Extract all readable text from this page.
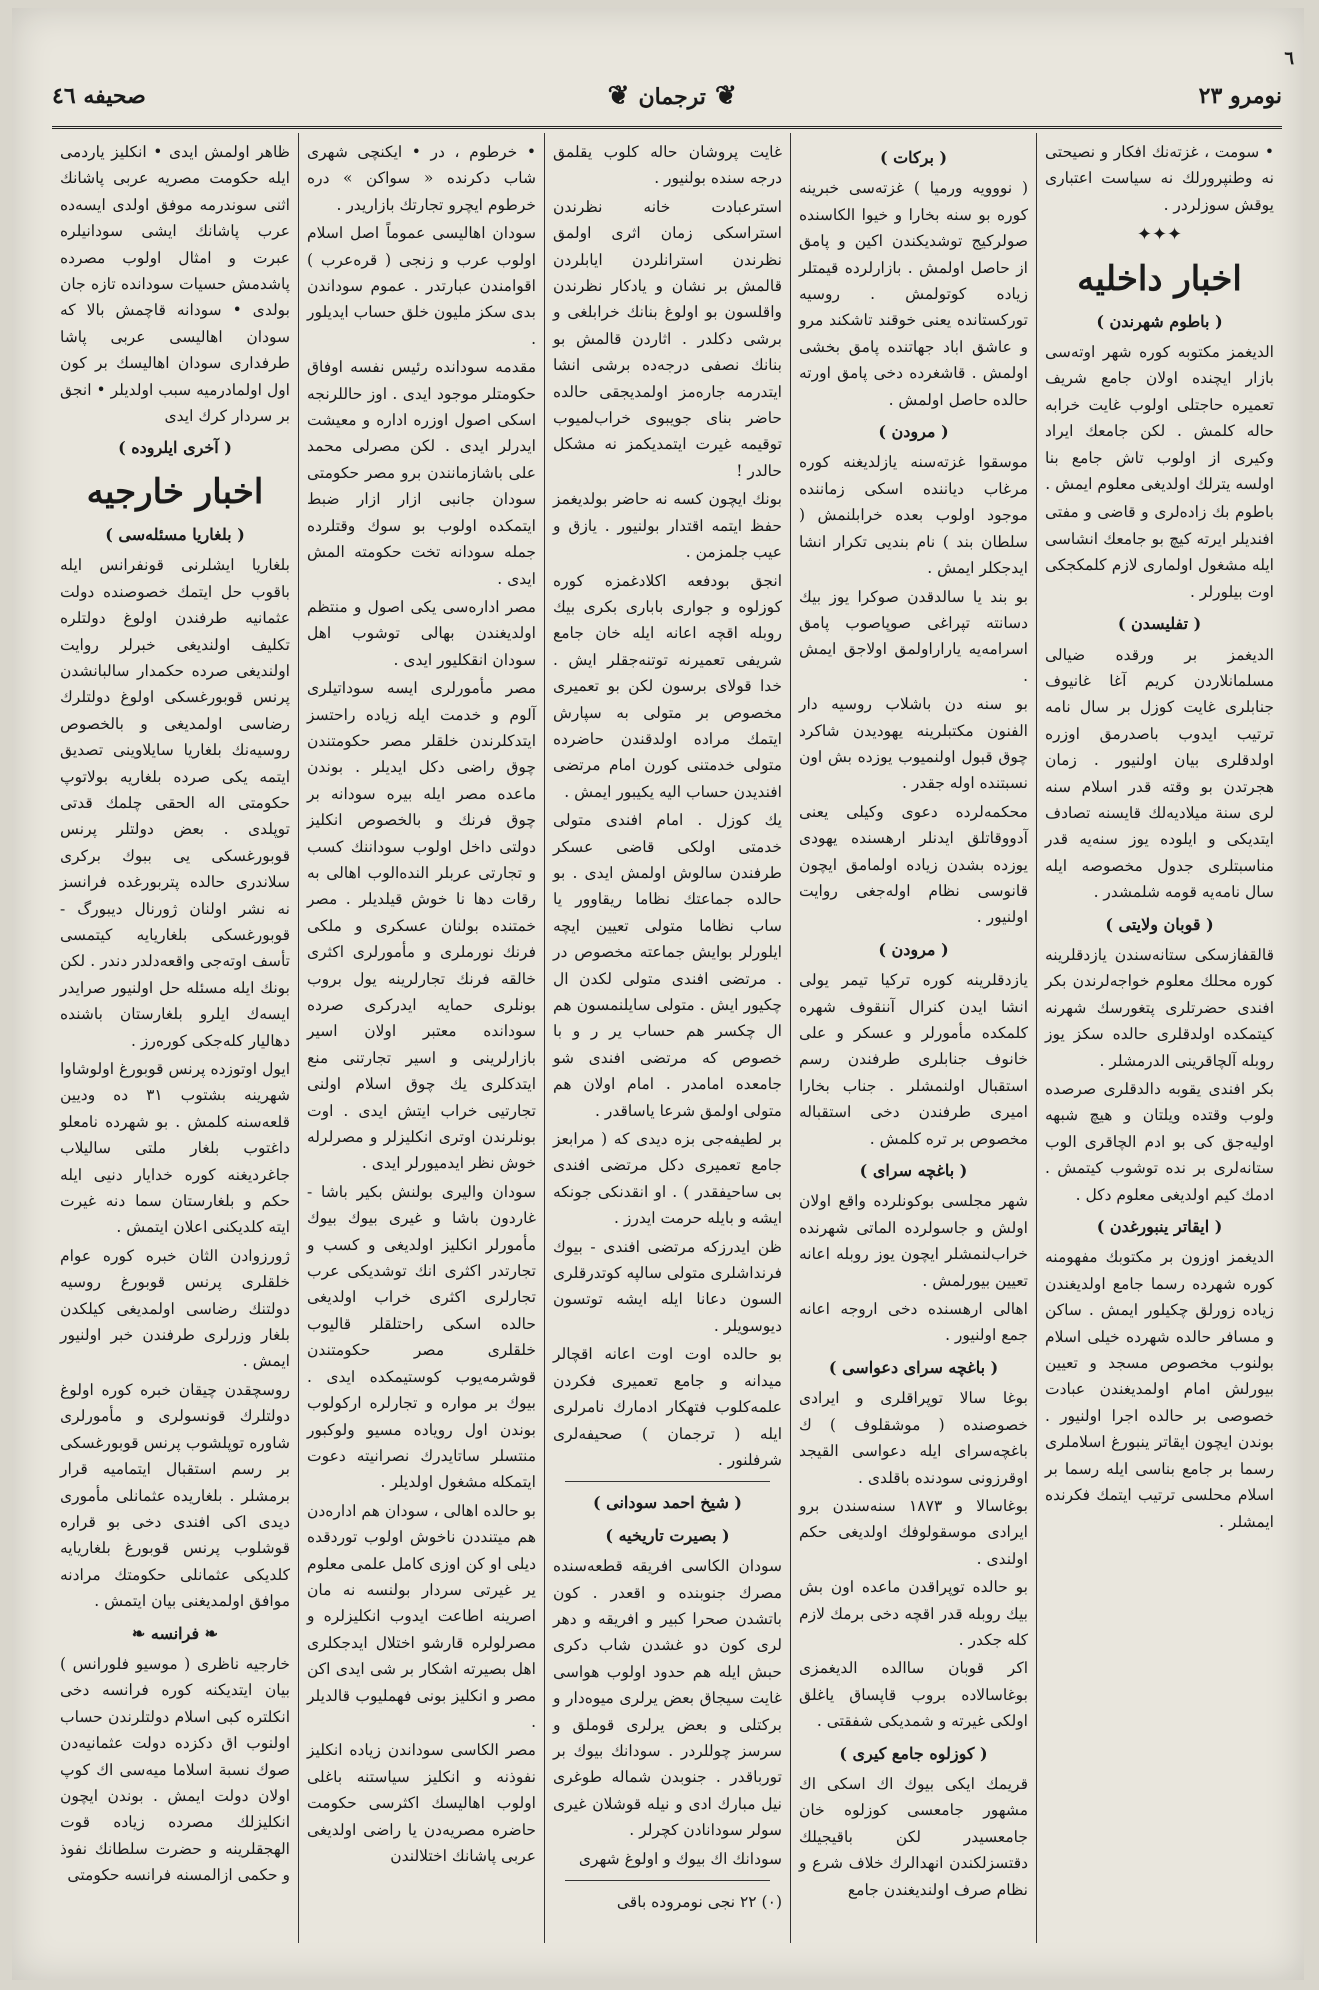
٦
نومرو ٢٣
❦ ترجمان ❦
صحيفه ٤٦

• سومت ، غزته‌نك افكار و نصيحتى نه وطنپرورلك نه سياست اعتبارى يوقش سوزلردر .

✦✦✦
اخبار داخليه
( باطوم شهرندن )

الديغمز مكتوبه كوره شهر اوته‌سى بازار ايچنده اولان جامع شريف تعميره حاجتلى اولوب غايت خرابه حاله كلمش . لكن جامعك ايراد وكيرى از اولوب تاش جامع بنا اولسه يترلك اولديغى معلوم ايمش .

باطوم بك زاده‌لرى و قاضى و مفتى افنديلر ايرته كيچ بو جامعك انشاسى ايله مشغول اولمارى لازم كلمكجكى اوت بيلورلر .

( تفليسدن )

الديغمز بر ورقده ضيالى مسلمانلاردن كريم آغا غانيوف جنابلرى غايت كوزل بر سال نامه ترتيب ايدوب باصدرمق اوزره اولدقلرى بيان اولنيور . زمان هجرتدن بو وقته قدر اسلام سنه لرى سنة ميلاديه‌لك قايسنه تصادف ايتديكى و ايلوده يوز سنه‌يه قدر مناسبتلرى جدول مخصوصه ايله سال نامه‌يه قومه شلمشدر .

( قوبان ولايتى )

قالقفازسكى ستانه‌سندن يازدقلرينه كوره محلك معلوم خواجه‌لرندن بكر افندى حضرتلرى پتغورسك شهرنه كيتمكده اولدقلرى حالده سكز يوز روبله آلچاقرينى الدرمشلر .

بكر افندى يقوبه دالدقلرى صرصده ولوب وقتده ويلتان و هيچ شبهه اوليه‌جق كى بو ادم الچاقرى الوب ستانه‌لرى بر نده توشوب كيتمش . ادمك كيم اولديغى معلوم دكل .

( ايقاتر ينبورغدن )

الديغمز اوزون بر مكتوبك مفهومنه كوره شهرده رسما جامع اولديغندن زياده زورلق چكيلور ايمش . ساكن و مسافر حالده شهرده خيلى اسلام بولنوب مخصوص مسجد و تعيين بيورلش امام اولمديغندن عبادت خصوصى بر حالده اجرا اولنيور . بوندن ايچون ايقاتر ينبورغ اسلاملرى رسما بر جامع بناسى ايله رسما بر اسلام محلسى ترتيب ايتمك فكرنده ايمشلر .

( بركات )

( نووويه ورميا ) غزته‌سى خبرينه كوره بو سنه بخارا و خيوا الكاسنده صولركيج توشديكندن اكين و پامق از حاصل اولمش . بازارلرده قيمتلر زياده كوتولمش . روسيه توركستانده يعنى خوقند تاشكند مرو و عاشق اباد جهاتنده پامق بخشى اولمش . قاشغرده دخى پامق اورته حالده حاصل اولمش .

( مرودن )

موسقوا غزته‌سنه يازلديغنه كوره مرغاب دياننده اسكى زماننده موجود اولوب بعده خرابلنمش ( سلطان بند ) نام بنديى تكرار انشا ايدجكلر ايمش .

بو بند يا سالدقدن صوكرا يوز بيك دسانته تپراغى صوپاصوب پامق اسرامه‌يه ياراراولمق اولاجق ايمش .

بو سنه دن باشلاب روسيه دار الفنون مكتبلرينه يهوديدن شاكرد چوق قبول اولنميوب يوزده بش اون نسبتنده اوله جقدر .

محكمه‌لرده دعوى وكيلى يعنى آدووقاتلق ايدنلر ارهسنده يهودى يوزده بشدن زياده اولمامق ايچون قانوسى نظام اوله‌جغى روايت اولنيور .

( مرودن )

يازدقلرينه كوره تركيا تيمر يولى انشا ايدن كنرال آننقوف شهره كلمكده مأمورلر و عسكر و على خانوف جنابلرى طرفندن رسم استقبال اولنمشلر . جناب بخارا اميرى طرفندن دخى استقباله مخصوص بر تره كلمش .

( باغچه سراى )

شهر مجلسى بوكونلرده واقع اولان اولش و جاسولرده الماتى شهرنده خراب‌لنمشلر ايچون يوز روبله اعانه تعيين بيورلمش .

اهالى ارهسنده دخى اروجه اعانه جمع اولنيور .

( باغچه سراى دعواسى )

بوغا سالا توپراقلرى و ايرادى خصوصنده ( موشقلوف ) ك باغچه‌سراى ايله دعواسى القيجد اوقرزونى سودنده باقلدى .

بوغاسالا و ١٨٧٣ سنه‌سندن برو ايرادى موسقولوفك اولديغى حكم اولندى .

بو حالده توپراقدن ماعده اون بش بيك روبله قدر اقچه دخى برمك لازم كله جكدر .

اكر قوبان ساالده الديغمزى بوغاسالاده بروب قاپساق ياغلق اولكى غيرته و شمديكى شفقتى .

( كوزلوه جامع كيرى )

قريمك ايكى بيوك اك اسكى اك مشهور جامعسى كوزلوه خان جامعسيدر لكن باقيجيلك دقتسزلكندن انهدالرك خلاف شرع و نظام صرف اولنديغندن جامع

غايت پروشان حاله كلوب يقلمق درجه سنده بولنيور .

استرعبادت خانه نظرندن استراسكى زمان اثرى اولمق نظرندن استرانلردن ايابلردن قالمش بر نشان و يادكار نظرندن واقلسون بو اولوغ بنانك خرابلغى و برشى دكلدر . اثاردن قالمش بو بنانك نصفى درجه‌ده برشى انشا ايتدرمه جاره‌مز اولمديجقى حالده حاضر بناى جويبوى خراب‌لميوب توقيمه غيرت ايتمديكمز نه مشكل حالدر !

بونك ايچون كسه نه حاضر بولديغمز حفظ ايتمه اقتدار بولنيور . يازق و عيب جلمزمن .

انجق بودفعه اكلادغمزه كوره كوزلوه و جوارى بابارى بكرى بيك روبله اقچه اعانه ايله خان جامع شريفى تعميرنه توتنه‌جقلر ايش . خدا قولاى برسون لكن بو تعميرى مخصوص بر متولى به سپارش ايتمك مراده اولدقندن حاضرده متولى خدمتنى كورن امام مرتضى افنديدن حساب اليه يكيبور ايمش .

يك كوزل . امام افندى متولى خدمتى اولكى قاضى عسكر طرفندن سالوش اولمش ايدى . بو حالده جماعتك نظاما ريقاوور يا ساب نظاما متولى تعيين ايچه ايلورلر بوايش جماعته مخصوص در . مرتضى افندى متولى لكدن ال چكيور ايش . متولى سايلنمسون هم ال چكسر هم حساب ير ر و با خصوص كه مرتضى افندى شو جامعده امامدر . امام اولان هم متولى اولمق شرعا ياساقدر .

بر لطيفه‌جى بزه ديدى كه ( مرابعز جامع تعميرى دكل مرتضى افندى بى ساحيفقدر ) . او انقدنكى جونكه ايشه و بايله حرمت ايدرز .

ظن ايدرزكه مرتضى افندى - بيوك فرنداشلرى متولى سالپه كوتدرقلرى السون دعانا ايله ايشه توتسون ديوسويلر .

بو حالده اوت اوت اعانه اقچالر ميدانه و جامع تعميرى فكردن علمه‌كلوب فتهكار ادمارك نامرلرى ايله ( ترجمان ) صحيفه‌لرى شرفلنور .

( شيخ احمد سودانى )
( بصيرت تاريخيه )

سودان الكاسى افريقه قطعه‌سنده مصرك جنوبنده و اقعدر . كون باتشدن صحرا كبير و افريقه و دهر لرى كون دو غشدن شاب دكرى حبش ايله هم حدود اولوب هواسى غايت سيجاق بعض يرلرى ميوه‌دار و بركتلى و بعض يرلرى قوملق و سرسز چوللردر . سودانك بيوك بر تورباقدر . جنوبدن شماله طوغرى نيل مبارك ادى و نيله قوشلان غيرى سولر سودانادن كچرلر .

سودانك اك بيوك و اولوغ شهرى

(٠) ٢٢ نجى نومروده باقى

• خرطوم ، در • ايكنچى شهرى شاب دكرنده « سواكن » دره خرطوم ايچرو تجارتك بازاريدر .

سودان اهاليسى عموماً اصل اسلام اولوب عرب و زنجى ( قره‌عرب ) اقوامندن عبارتدر . عموم سوداندن بدى سكز مليون خلق حساب ايديلور .

مقدمه سودانده رئيس نفسه اوفاق حكومتلر موجود ايدى . اوز حاللرنجه اسكى اصول اوزره اداره و معيشت ايدرلر ايدى . لكن مصرلى محمد على باشازمانندن برو مصر حكومتى سودان جانبى ازار ازار ضبط ايتمكده اولوب بو سوك وقتلرده جمله سودانه تخت حكومته المش ايدى .

مصر اداره‌سى يكى اصول و منتظم اولديغندن بهالى توشوب اهل سودان انقكليور ايدى .

مصر مأمورلرى ايسه سوداتيلرى آلوم و خدمت ايله زياده راحتسز ايتدكلرندن خلقلر مصر حكومتندن چوق راضى دكل ايديلر . بوندن ماعده مصر ايله بيره سودانه بر چوق فرنك و بالخصوص انكليز دولتى داخل اولوب سوداننك كسب و تجارتى عربلر النده‌الوب اهالى به رقات دها نا خوش قيلديلر . مصر خمتنده بولنان عسكرى و ملكى فرنك نورملرى و مأمورلرى اكثرى خالقه فرنك تجارلرينه يول بروب بونلرى حمايه ايدركرى صرده سودانده معتبر اولان اسير بازارلرينى و اسير تجارتنى منع ايتدكلرى يك چوق اسلام اولنى تجارتيى خراب ايتش ايدى . اوت بونلرندن اوترى انكليزلر و مصرلرله خوش نظر ايدميورلر ايدى .

سودان واليرى بولنش بكير باشا - غاردون باشا و غيرى بيوك بيوك مأمورلر انكليز اولديغى و كسب و تجارتدر اكثرى انك توشديكى عرب تجارلرى اكثرى خراب اولديغى حالده اسكى راحتلقلر قاليوب خلقلرى مصر حكومتندن قوشرمه‌يوب كوستيمكده ايدى . بيوك بر مواره و تجارلره اركولوب بوندن اول روياده مسيو ولوكبور منتسلر ساتايدرك نصرانيته دعوت ايتمكله مشغول اولديلر .

بو حالده اهالى ، سودان هم ادارەدن هم ميتنددن ناخوش اولوب توردقده ديلى او كن اوزى كامل علمى معلوم ير غيرتى سردار بولنسه نه مان اصرينه اطاعت ايدوب انكليزلره و مصرلولره قارشو اختلال ايدجكلرى اهل بصيرته اشكار بر شى ايدى اكن مصر و انكليز بونى فهمليوب قالديلر .

مصر الكاسى سوداندن زياده انكليز نفوذنه و انكليز سياستنه باغلى اولوب اهاليسك اكثرسى حكومت حاضره مصريه‌دن يا راضى اولديغى عربى پاشانك اختلالندن

ظاهر اولمش ايدى • انكليز ياردمى ايله حكومت مصريه عربى پاشانك اثنى سوندرمه موفق اولدى ايسه‌ده عرب پاشانك ايشى سودانيلره عبرت و امثال اولوب مصرده پاشدمش حسيات سودانده تازه جان بولدى • سودانه قاچمش بالا كه سودان اهاليسى عربى پاشا طرفدارى سودان اهاليسك بر كون اول اولمادرميه سبب اولديلر • انجق بر سردار كرك ايدى

( آخرى ايلروده )
اخبار خارجيه
( بلغاريا مسئله‌سى )

بلغاريا ايشلرنى قونفرانس ايله باقوب حل ايتمك خصوصنده دولت عثمانيه طرفندن اولوغ دولتلره تكليف اولنديغى خبرلر روايت اولنديغى صرده حكمدار سالبانشدن پرنس قوبورغسكى اولوغ دولتلرك رضاسى اولمديغى و بالخصوص روسيه‌نك بلغاريا سايلاوينى تصديق ايتمه يكى صرده بلغاريه بولاتوپ حكومتى اله الحقى چلمك قدتى توپلدى . بعض دولتلر پرنس قوبورغسكى يى ببوك بركرى سلاندرى حالده پتربورغده فرانسز نه نشر اولنان ژورنال ديبورگ - قوبورغسكى بلغاريايه كيتمسى تأسف اوته‌جى واقعه‌دلدر دندر . لكن بونك ايله مسئله حل اولنيور صرايدر ايسه‌ك ايلرو بلغارستان باشنده دهاليار كله‌جكى كورەرز .

ايول اوتوزده پرنس قوبورغ اولوشاوا شهرينه بشتوب ٣١ ده وديين قلعه‌سنه كلمش . بو شهرده نامعلو داغتوب بلغار ملتى ساليلاب جاغرديغنه كوره خدايار دنيى ايله حكم و بلغارستان سما دنه غيرت ايته كلديكنى اعلان ايتمش .

ژورزوادن الثان خبره كوره عوام خلقلرى پرنس قوبورغ روسيه دولتنك رضاسى اولمديغى كيلكدن بلغار وزرلرى طرفندن خبر اولنيور ايمش .

روسچقدن چيقان خبره كوره اولوغ دولتلرك قونسولرى و مأمورلرى شاوره توپلشوب پرنس قوبورغسكى بر رسم استقبال ايتماميه قرار برمشلر . بلغاريده عثمانلى مأمورى ديدى اكى افندى دخى بو قراره قوشلوب پرنس قوبورغ بلغاريايه كلديكى عثمانلى حكومتك مرادنه موافق اولمديغنى بيان ايتمش .

❧ فرانسه ❧

خارجيه ناظرى ( موسيو فلورانس ) بيان ايتديكنه كوره فرانسه دخى انكلتره كبى اسلام دولتلرندن حساب اولنوب اق دكزده دولت عثمانيه‌دن صوك نسبة اسلاما ميەسى اك كوپ اولان دولت ايمش . بوندن ايچون انكليزلك مصرده زياده قوت الهجقلرينه و حضرت سلطانك نفوذ و حكمى ازالمسنه فرانسه حكومتى
